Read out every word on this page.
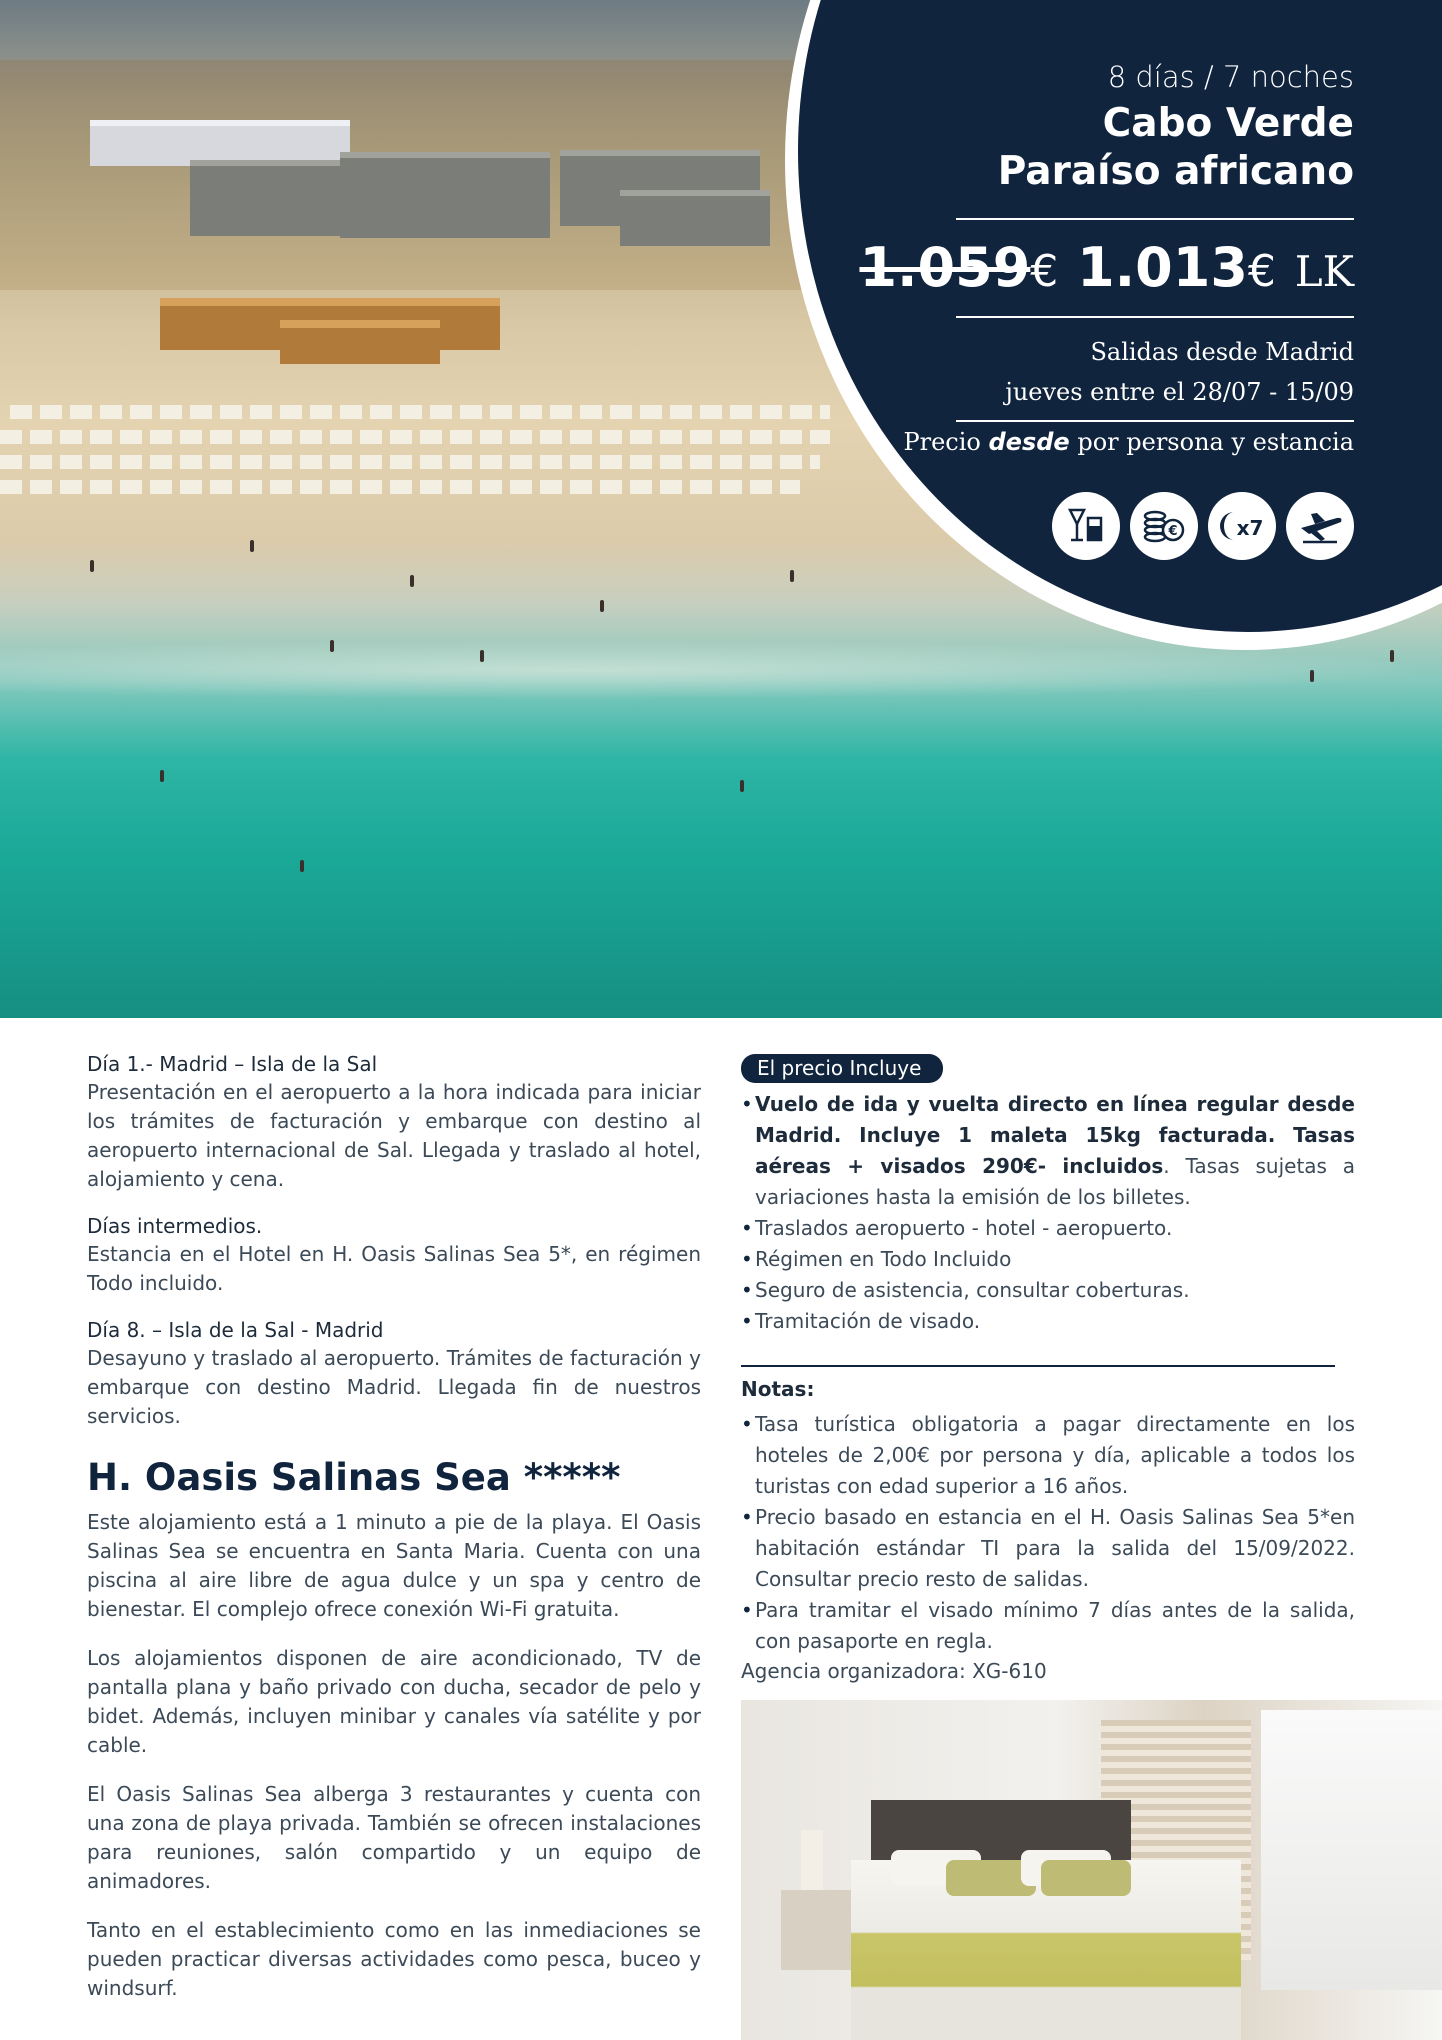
8 días / 7 noches
Cabo Verde
Paraíso africano
1.059€ 1.013€ LK
Salidas desde Madrid
jueves entre el 28/07 - 15/09
Precio desde por persona y estancia
€	x7

Día 1.- Madrid – Isla de la Sal

Presentación en el aeropuerto a la hora indicada para iniciar los trámites de facturación y embarque con destino al aeropuerto internacional de Sal. Llegada y traslado al hotel, alojamiento y cena.

Días intermedios.

Estancia en el Hotel en H. Oasis Salinas Sea 5*, en régimen Todo incluido.

Día 8. – Isla de la Sal - Madrid

Desayuno y traslado al aeropuerto. Trámites de facturación y embarque con destino Madrid. Llegada fin de nuestros servicios.

H. Oasis Salinas Sea *****

Este alojamiento está a 1 minuto a pie de la playa. El Oasis Salinas Sea se encuentra en Santa Maria. Cuenta con una piscina al aire libre de agua dulce y un spa y centro de bienestar. El complejo ofrece conexión Wi-Fi gratuita.

Los alojamientos disponen de aire acondicionado, TV de pantalla plana y baño privado con ducha, secador de pelo y bidet. Además, incluyen minibar y canales vía satélite y por cable.

El Oasis Salinas Sea alberga 3 restaurantes y cuenta con una zona de playa privada. También se ofrecen instalaciones para reuniones, salón compartido y un equipo de animadores.

Tanto en el establecimiento como en las inmediaciones se pueden practicar diversas actividades como pesca, buceo y windsurf.

El precio Incluye
• Vuelo de ida y vuelta directo en línea regular desde Madrid. Incluye 1 maleta 15kg facturada. Tasas aéreas + visados 290€- incluidos. Tasas sujetas a variaciones hasta la emisión de los billetes.
• Traslados aeropuerto - hotel - aeropuerto.
• Régimen en Todo Incluido
• Seguro de asistencia, consultar coberturas.
• Tramitación de visado.

Notas:

• Tasa turística obligatoria a pagar directamente en los hoteles de 2,00€ por persona y día, aplicable a todos los turistas con edad superior a 16 años.
• Precio basado en estancia en el H. Oasis Salinas Sea 5*en habitación estándar TI para la salida del 15/09/2022. Consultar precio resto de salidas.
• Para tramitar el visado mínimo 7 días antes de la salida, con pasaporte en regla.

Agencia organizadora: XG-610
